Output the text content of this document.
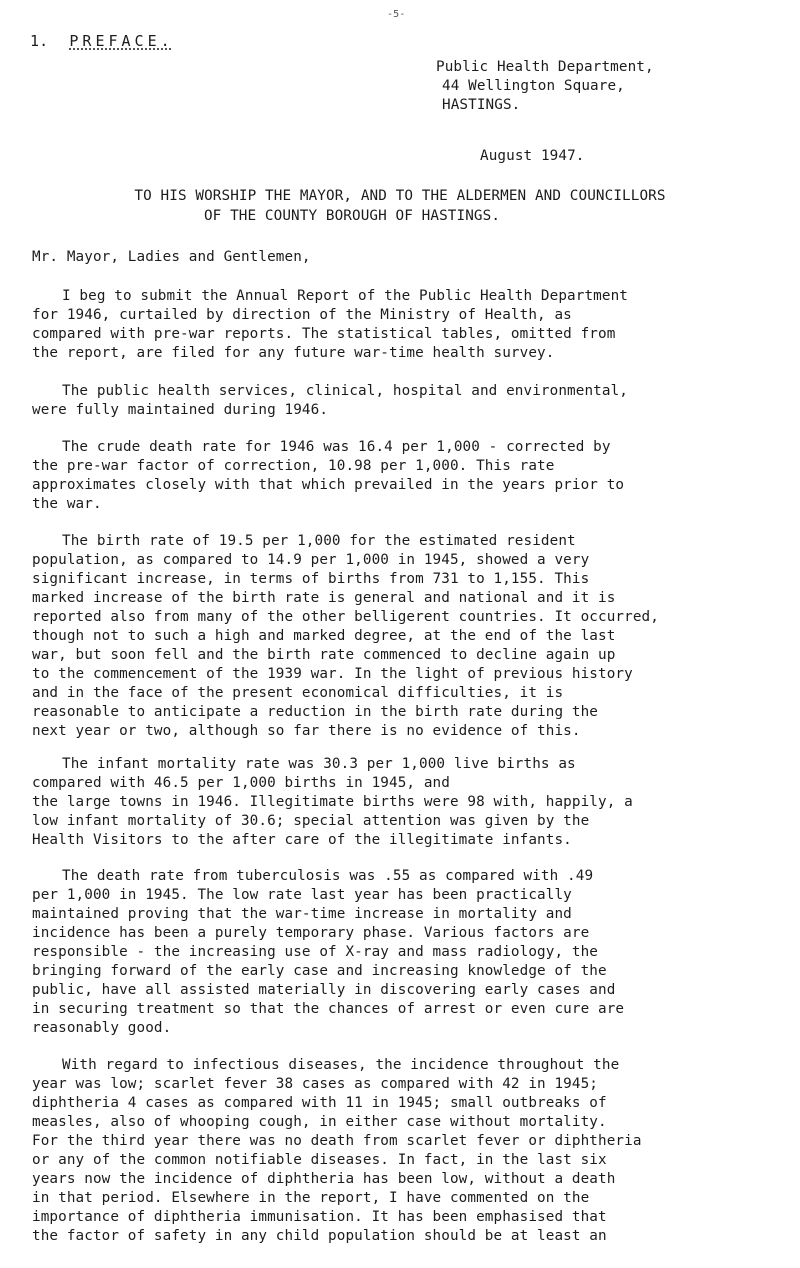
-5-
1. PREFACE.
Public Health Department,
44 Wellington Square,
HASTINGS.
August 1947.
TO HIS WORSHIP THE MAYOR, AND TO THE ALDERMEN AND COUNCILLORS
OF THE COUNTY BOROUGH OF HASTINGS.
Mr. Mayor, Ladies and Gentlemen,
I beg to submit the Annual Report of the Public Health Department
for 1946, curtailed by direction of the Ministry of Health, as
compared with pre-war reports. The statistical tables, omitted from
the report, are filed for any future war-time health survey.
The public health services, clinical, hospital and environmental,
were fully maintained during 1946.
The crude death rate for 1946 was 16.4 per 1,000 - corrected by
the pre-war factor of correction, 10.98 per 1,000. This rate
approximates closely with that which prevailed in the years prior to
the war.
The birth rate of 19.5 per 1,000 for the estimated resident
population, as compared to 14.9 per 1,000 in 1945, showed a very
significant increase, in terms of births from 731 to 1,155. This
marked increase of the birth rate is general and national and it is
reported also from many of the other belligerent countries. It occurred,
though not to such a high and marked degree, at the end of the last
war, but soon fell and the birth rate commenced to decline again up
to the commencement of the 1939 war. In the light of previous history
and in the face of the present economical difficulties, it is
reasonable to anticipate a reduction in the birth rate during the
next year or two, although so far there is no evidence of this.
The infant mortality rate was 30.3 per 1,000 live births as
compared with 46.5 per 1,000 births in 1945, and
the large towns in 1946. Illegitimate births were 98 with, happily, a
low infant mortality of 30.6; special attention was given by the
Health Visitors to the after care of the illegitimate infants.
The death rate from tuberculosis was .55 as compared with .49
per 1,000 in 1945. The low rate last year has been practically
maintained proving that the war-time increase in mortality and
incidence has been a purely temporary phase. Various factors are
responsible - the increasing use of X-ray and mass radiology, the
bringing forward of the early case and increasing knowledge of the
public, have all assisted materially in discovering early cases and
in securing treatment so that the chances of arrest or even cure are
reasonably good.
With regard to infectious diseases, the incidence throughout the
year was low; scarlet fever 38 cases as compared with 42 in 1945;
diphtheria 4 cases as compared with 11 in 1945; small outbreaks of
measles, also of whooping cough, in either case without mortality.
For the third year there was no death from scarlet fever or diphtheria
or any of the common notifiable diseases. In fact, in the last six
years now the incidence of diphtheria has been low, without a death
in that period. Elsewhere in the report, I have commented on the
importance of diphtheria immunisation. It has been emphasised that
the factor of safety in any child population should be at least an
